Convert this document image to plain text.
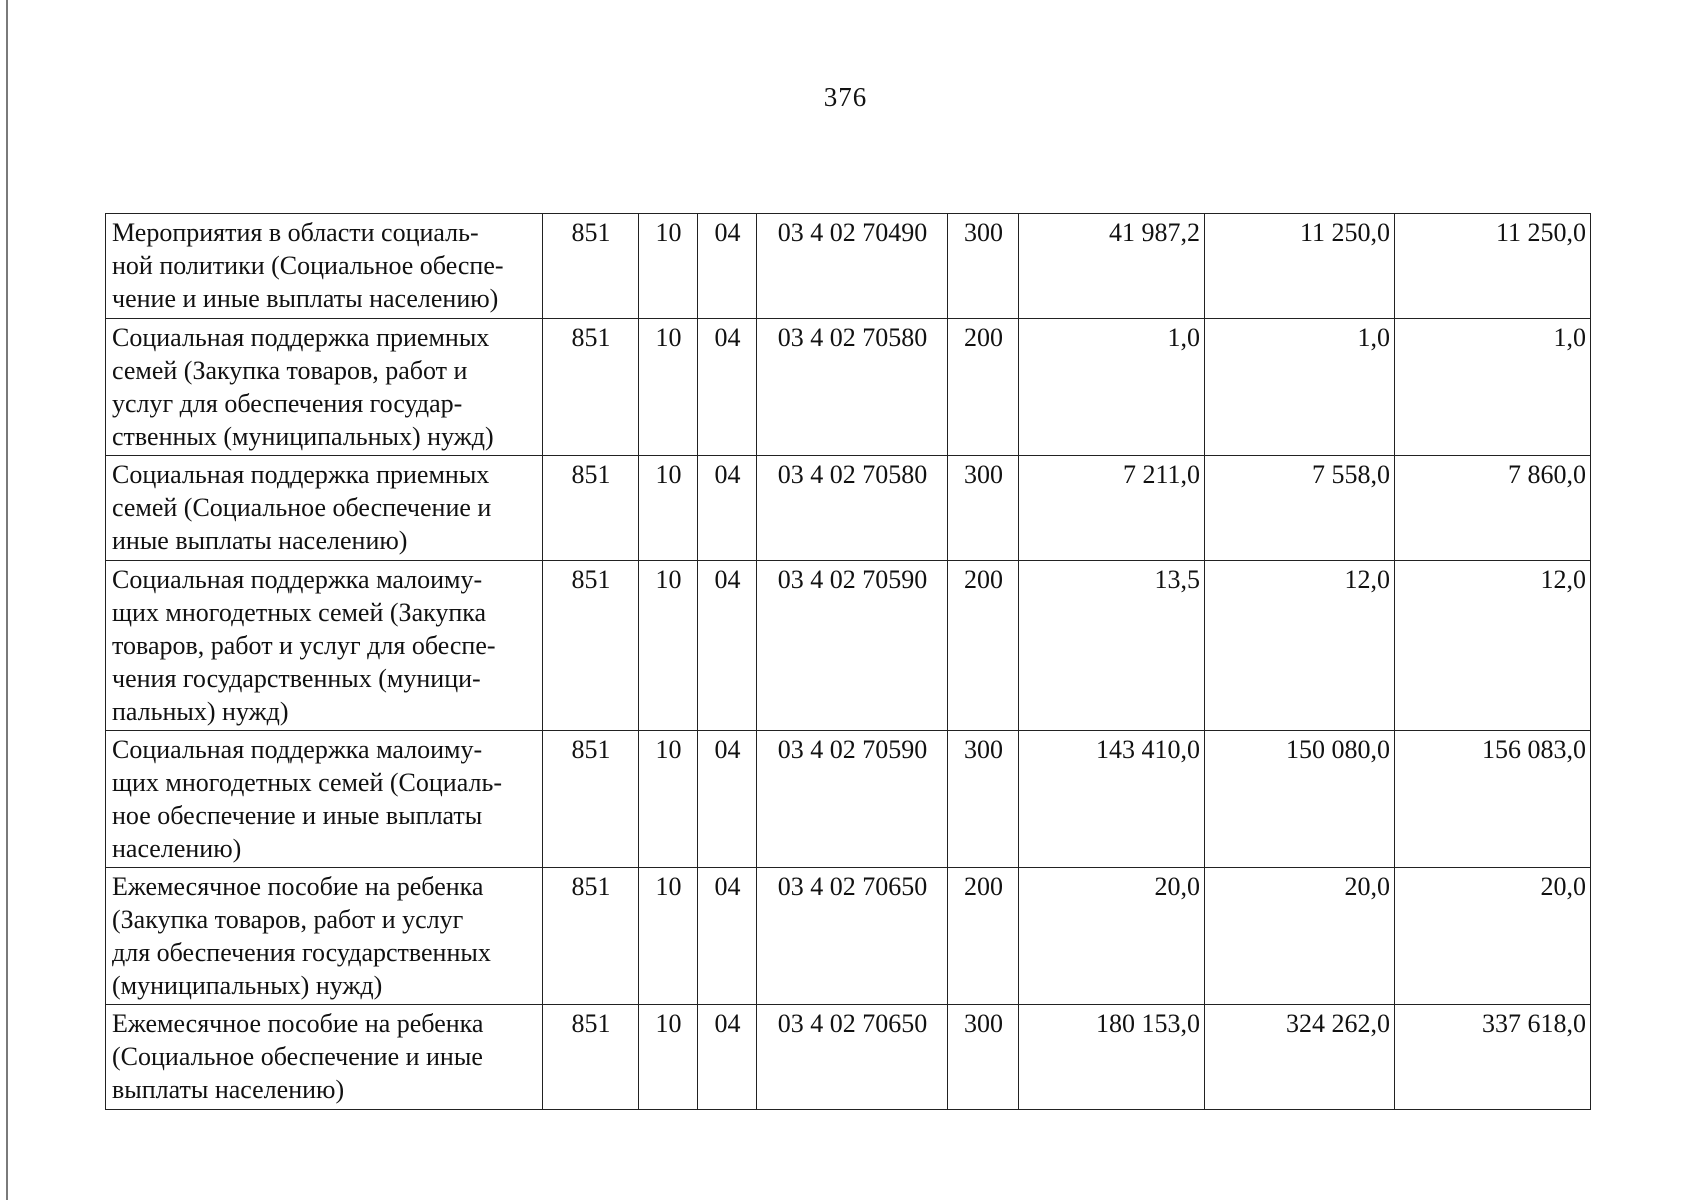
376
Мероприятия в области социаль-
ной политики (Социальное обеспе-
чение и иные выплаты населению)	851	10	04	03 4 02 70490	300	41 987,2	11 250,0	11 250,0

Социальная поддержка приемных
семей (Закупка товаров, работ и
услуг для обеспечения государ-
ственных (муниципальных) нужд)	851	10	04	03 4 02 70580	200	1,0	1,0	1,0

Социальная поддержка приемных
семей (Социальное обеспечение и
иные выплаты населению)	851	10	04	03 4 02 70580	300	7 211,0	7 558,0	7 860,0

Социальная поддержка малоиму-
щих многодетных семей (Закупка
товаров, работ и услуг для обеспе-
чения государственных (муници-
пальных) нужд)	851	10	04	03 4 02 70590	200	13,5	12,0	12,0

Социальная поддержка малоиму-
щих многодетных семей (Социаль-
ное обеспечение и иные выплаты
населению)	851	10	04	03 4 02 70590	300	143 410,0	150 080,0	156 083,0

Ежемесячное пособие на ребенка
(Закупка товаров, работ и услуг
для обеспечения государственных
(муниципальных) нужд)	851	10	04	03 4 02 70650	200	20,0	20,0	20,0

Ежемесячное пособие на ребенка
(Социальное обеспечение и иные
выплаты населению)	851	10	04	03 4 02 70650	300	180 153,0	324 262,0	337 618,0
